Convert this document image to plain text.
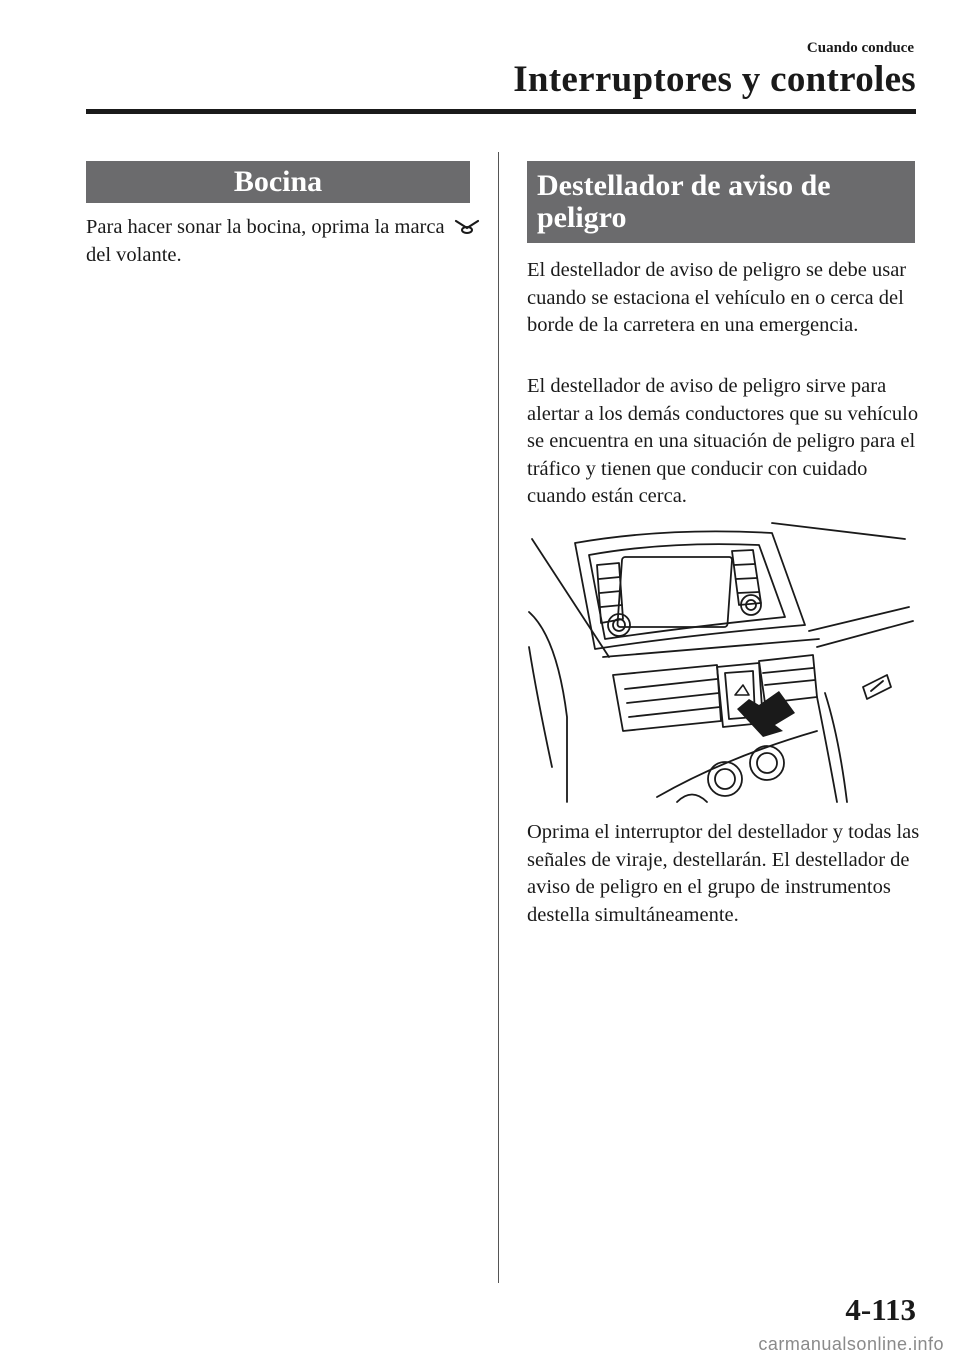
Cuando conduce
Interruptores y controles
Bocina
Para hacer sonar la bocina, oprima la marca  del volante.
Destellador de aviso de peligro
El destellador de aviso de peligro se debe usar cuando se estaciona el vehículo en o cerca del borde de la carretera en una emergencia.
El destellador de aviso de peligro sirve para alertar a los demás conductores que su vehículo se encuentra en una situación de peligro para el tráfico y tienen que conducir con cuidado cuando están cerca.
Oprima el interruptor del destellador y todas las señales de viraje, destellarán. El destellador de aviso de peligro en el grupo de instrumentos destella simultáneamente.
4-113
carmanualsonline.info
